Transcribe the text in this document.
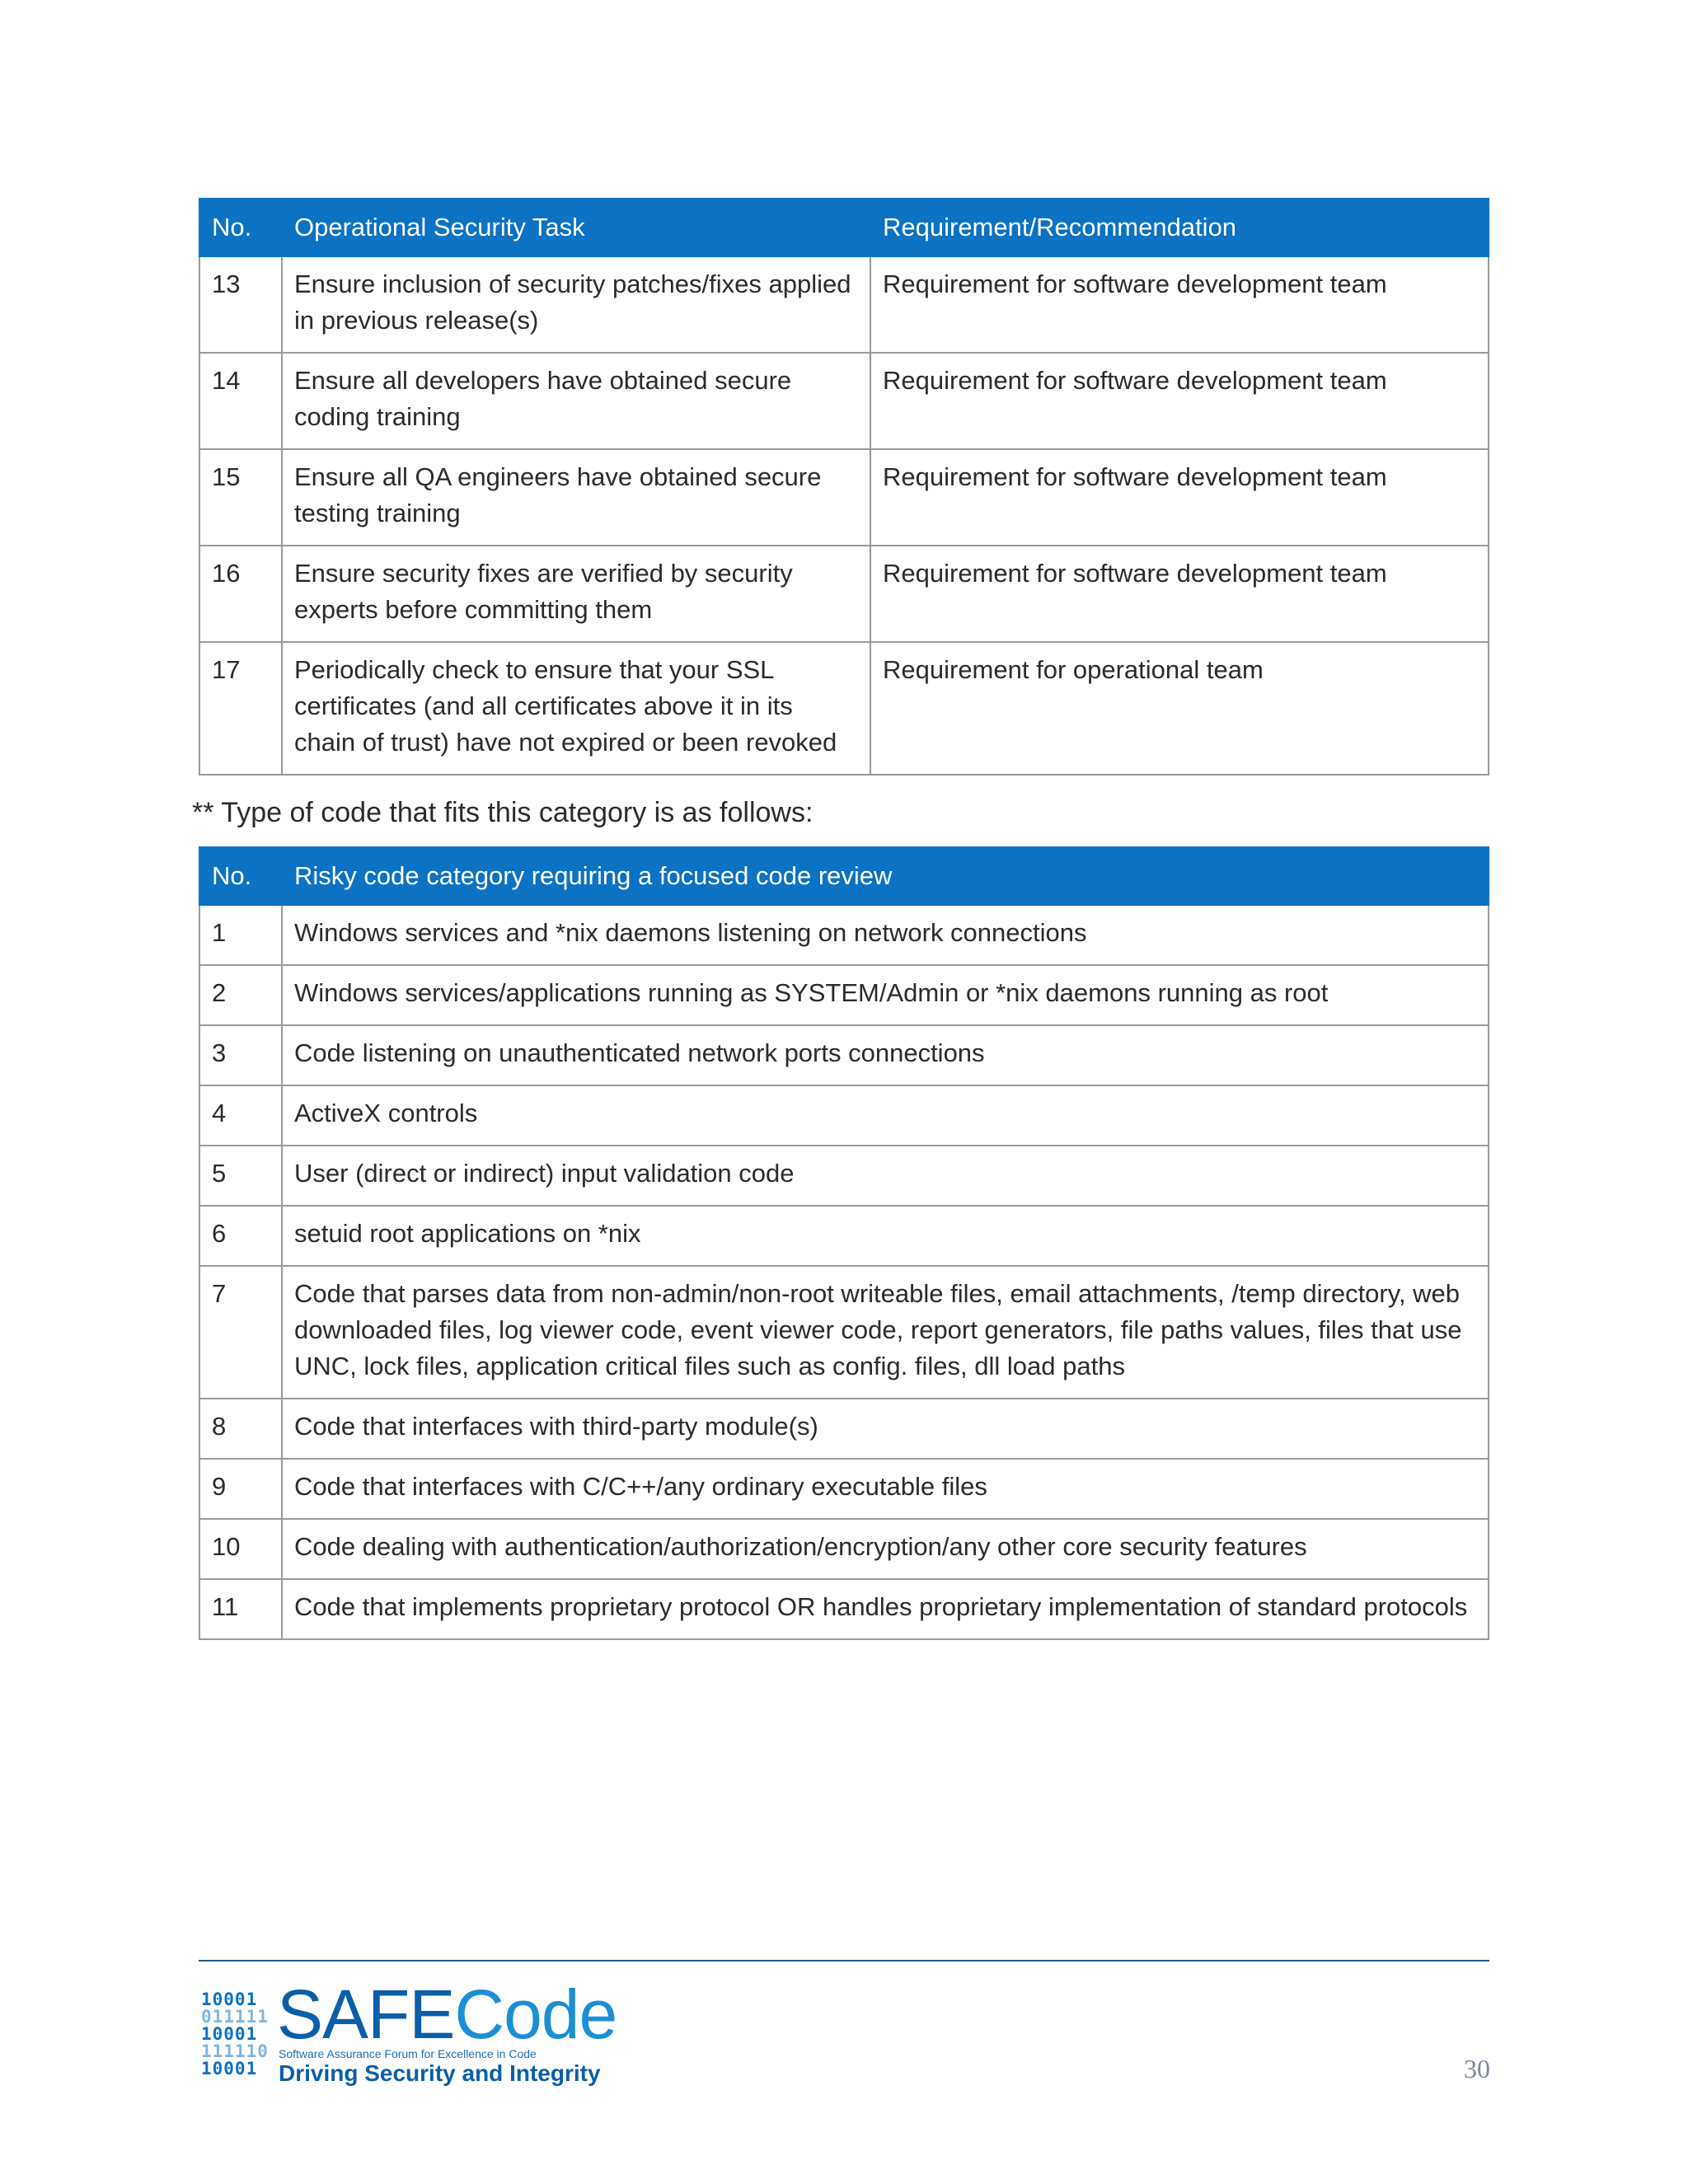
No.	Operational Security Task	Requirement/Recommendation
13	Ensure inclusion of security patches/fixes applied in previous release(s)	Requirement for software development team
14	Ensure all developers have obtained secure coding training	Requirement for software development team
15	Ensure all QA engineers have obtained secure testing training	Requirement for software development team
16	Ensure security fixes are verified by security experts before committing them	Requirement for software development team
17	Periodically check to ensure that your SSL certificates (and all certificates above it in its chain of trust) have not expired or been revoked	Requirement for operational team
** Type of code that fits this category is as follows:
No.	Risky code category requiring a focused code review
1	Windows services and *nix daemons listening on network connections
2	Windows services/applications running as SYSTEM/Admin or *nix daemons running as root
3	Code listening on unauthenticated network ports connections
4	ActiveX controls
5	User (direct or indirect) input validation code
6	setuid root applications on *nix
7	Code that parses data from non-admin/non-root writeable files, email attachments, /temp directory, web downloaded files, log viewer code, event viewer code, report generators, file paths values, files that use UNC, lock files, application critical files such as config. files, dll load paths
8	Code that interfaces with third-party module(s)
9	Code that interfaces with C/C++/any ordinary executable files
10	Code dealing with authentication/authorization/encryption/any other core security features
11	Code that implements proprietary protocol OR handles proprietary implementation of standard protocols
10001
011111
10001
111110
10001
SAFECode
Software Assurance Forum for Excellence in Code
Driving Security and Integrity	30
